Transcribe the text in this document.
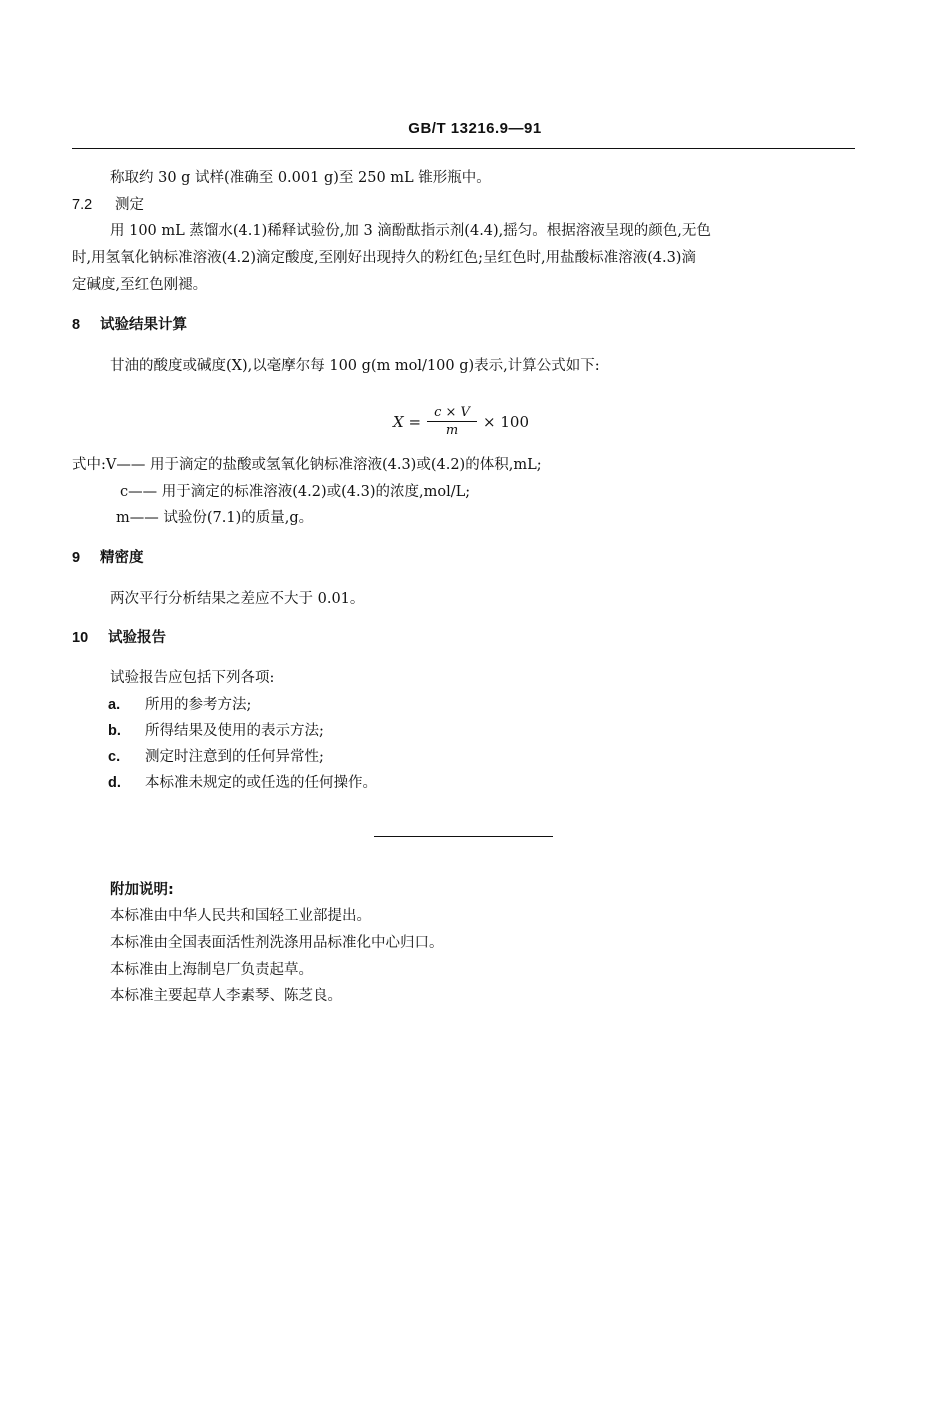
GB/T 13216.9—91
称取约 30 g 试样(准确至 0.001 g)至 250 mL 锥形瓶中。
7.2 测定
用 100 mL 蒸馏水(4.1)稀释试验份,加 3 滴酚酞指示剂(4.4),摇匀。根据溶液呈现的颜色,无色
时,用氢氧化钠标准溶液(4.2)滴定酸度,至刚好出现持久的粉红色;呈红色时,用盐酸标准溶液(4.3)滴
定碱度,至红色刚褪。
8 试验结果计算
甘油的酸度或碱度(X),以毫摩尔每 100 g(m mol/100 g)表示,计算公式如下:
$X = \frac{c \times V}{m} \times 100$
式中:V—— 用于滴定的盐酸或氢氧化钠标准溶液(4.3)或(4.2)的体积,mL;
c—— 用于滴定的标准溶液(4.2)或(4.3)的浓度,mol/L;
m—— 试验份(7.1)的质量,g。
9 精密度
两次平行分析结果之差应不大于 0.01。
10 试验报告
试验报告应包括下列各项:
a. 所用的参考方法;
b. 所得结果及使用的表示方法;
c. 测定时注意到的任何异常性;
d. 本标准未规定的或任选的任何操作。
附加说明:
本标准由中华人民共和国轻工业部提出。
本标准由全国表面活性剂洗涤用品标准化中心归口。
本标准由上海制皂厂负责起草。
本标准主要起草人李素琴、陈芝良。
